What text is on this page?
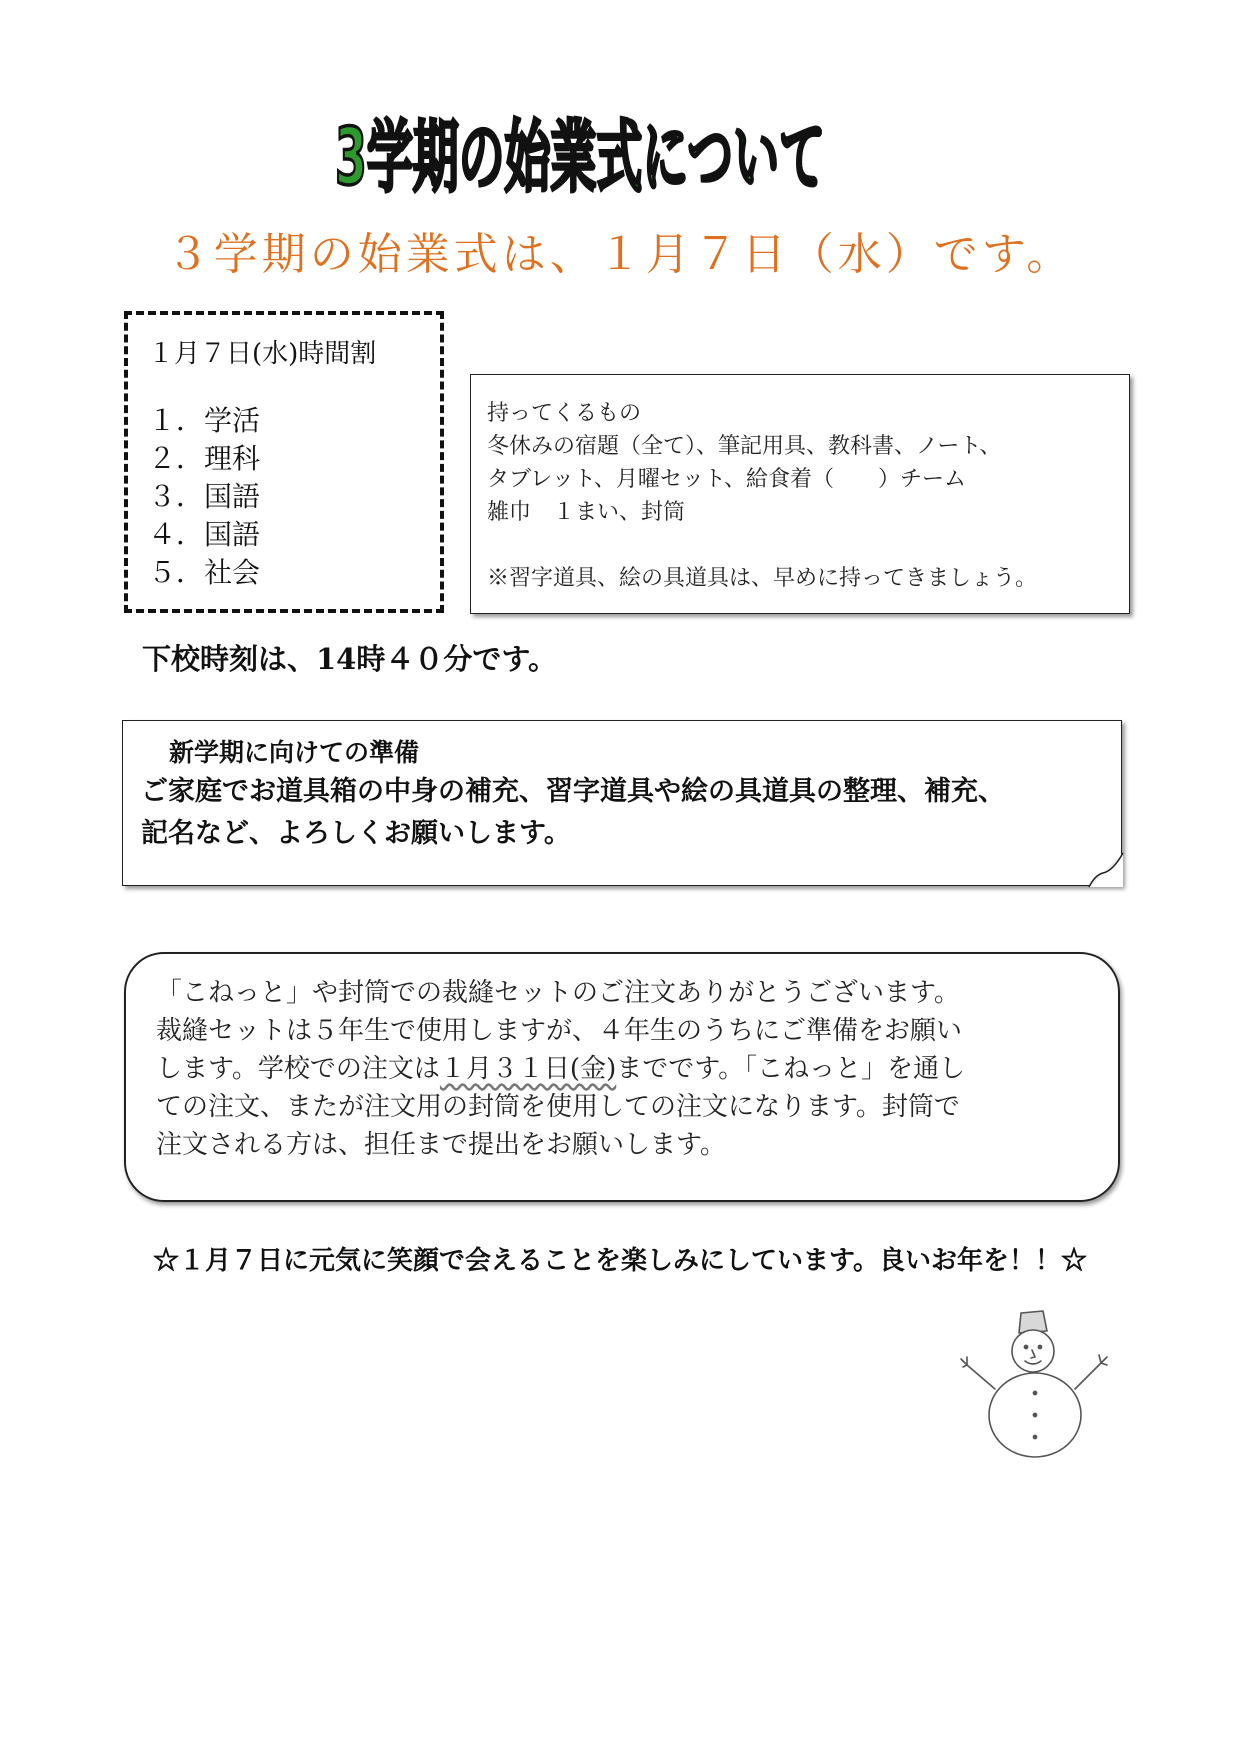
3学期の始業式について
３学期の始業式は、１月７日（水）です。
１月７日(水)時間割
１．学活
２．理科
３．国語
４．国語
５．社会
持ってくるもの
冬休みの宿題（全て）、筆記用具、教科書、ノート、
タブレット、月曜セット、給食着（　　）チーム
雑巾　１まい、封筒
※習字道具、絵の具道具は、早めに持ってきましょう。
下校時刻は、14時４０分です。
新学期に向けての準備
ご家庭でお道具箱の中身の補充、習字道具や絵の具道具の整理、補充、
記名など、よろしくお願いします。
「こねっと」や封筒での裁縫セットのご注文ありがとうございます。
裁縫セットは５年生で使用しますが、４年生のうちにご準備をお願い
します。学校での注文は１月３１日(金)までです。「こねっと」を通し
ての注文、またが注文用の封筒を使用しての注文になります。封筒で
注文される方は、担任まで提出をお願いします。
☆１月７日に元気に笑顔で会えることを楽しみにしています。良いお年を！！☆
